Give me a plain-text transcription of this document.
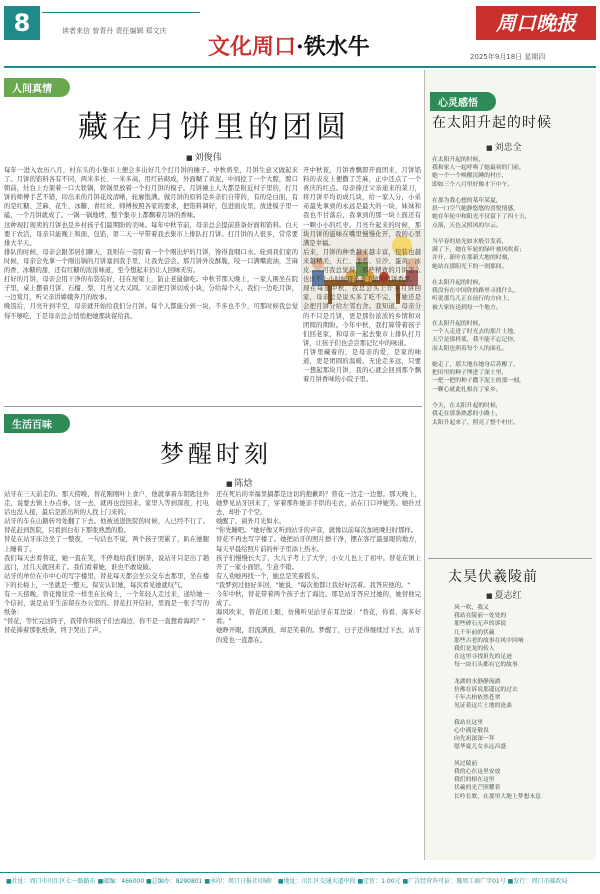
8	读者来信 曾青丹 责任编辑 郑文庆
文化周口·铁水牛
周口晚报
2025年9月18日 星期四
人间真情
藏在月饼里的团圆
■ 刘俊伟
每年一进入农历八月，村东头的小集市上便会多出好几个打月饼的摊子。中秋将至，月饼生意又做起来了。月饼的馅料各有不同，两米多长、一米多高，用红砖砌成，外面糊了黄泥，中间挖了一个大膛，膛口朝前，灶台上方架着一口大铁锅，铁锅里放着一个打月饼的模子。月饼摊主人大都是附近村子里的，打月饼的师傅手艺不错，印出来的月饼花纹清晰，轮廓饱满。做月饼的原料是乡亲们自带的，有的是白面，有的是红糖、芝麻、花生、冰糖、青红丝，师傅按照各家的要求，把馅料调好，包进面皮里，放进模子里一磕，一个月饼就成了。一锅一锅地烤，整个集市上都飘着月饼的香味。
这种现打现卖的月饼也是乡村孩子们最期盼的美味。每年中秋节前，母亲总会提前准备好面和馅料。白天要干农活，母亲只能晚上和面、包馅，第二天一早带着我去集市上排队打月饼。打月饼的人很多，常常要排大半天。
排队的时候，母亲会跟邻居们聊天，我则在一旁盯着一个个刚出炉的月饼，馋得直咽口水。轮到我们家的时候，母亲会先拿一个刚出锅的月饼塞到我手里，让我先尝尝。那月饼外皮酥脆，咬一口满嘴流油，芝麻的香、冰糖的甜，还有红糖的浓浓味道，至今想起来仍让人回味无穷。
打好的月饼，母亲会用干净的布袋装好，挂在屋梁上，防止老鼠偷吃。中秋节那天晚上，一家人围坐在院子里，桌上摆着月饼、石榴、梨，月亮又大又圆。父亲把月饼切成小块，分给每个人，我们一边吃月饼，一边赏月，听父亲讲嫦娥奔月的故事。
晚饭后，月亮升到半空，母亲就开始给我们分月饼。每个人都能分到一块，不多也不少，可那时候我总觉得不够吃，于是母亲总会悄悄把她那块留给我。
开中秋夜，月饼香飘即开面团来，月饼馅料的表皮上便撒了芝麻，正中还点了一个喜庆的红点。母亲捧过父亲递来的菜刀，将月饼平均切成几块，给一家人分，小弟弟最先拿到的永远是最大的一块，妹妹和我也不甘落后，我拿到的那一块上面还有一颗小小的红枣。月亮升起来的时候，那块月饼的滋味在嘴里慢慢化开，我的心里满是幸福。
后来，月饼的种类越来越丰富，包装也越来越精美，五仁、莲蓉、豆沙、蛋黄、冰皮……可我总觉得，那些精致的月饼怎么也比不上小时候母亲亲手做的月饼香甜。
现在每逢中秋，我总会买上许多月饼回家，母亲总是说买多了吃不完，可她还是会把月饼分给左邻右舍。我知道，母亲分的不只是月饼，更是那份浓浓的乡情和对团圆的期盼。今年中秋，我打算带着孩子们回老家，和母亲一起去集市上排队打月饼，让孩子们也尝尝那记忆中的味道。
月饼里藏着的，是母亲的爱，是家的味道，更是团圆的温暖。无论走多远，只要一想起那块月饼，我的心就会回到那个飘着月饼香味的小院子里。
生活百味
梦醒时刻
■ 陈焓
站牙在三天前走的。那天傍晚，替花刚刚叶上食户，他就拿着车钥匙往外走，说要去镇上办点事。这一去，就再也没回来。家里人等到深夜，打电话也没人接，最后是派出所的人找上门来的。
站牙的车在山路转弯处翻了下去。他被送进医院的时候，人已经不行了。替花赶到医院，只看到白布下那张熟悉的脸。
替花在站牙床边坐了一整夜，一句话也不说，两个孩子哭累了，趴在她腿上睡着了。
我们每天去看替花，她一直在笑，不停地给我们倒茶，说站牙只是出了趟远门，过几天就回来了。我们看着她，谁也不敢说破。
站牙的单位在市中心的写字楼里，替花每天都会坐公交车去那里，坐在楼下的长椅上，一坐就是一整天。保安认识她，每次看见她就叹气。
有一天傍晚，替花像往常一样坐在长椅上，一个年轻人走过来，递给她一个信封，说是站牙生前留在办公室的。替花打开信封，里面是一张手写的纸条：
"替花，等忙完这阵子，我带你和孩子们去海边，你不是一直想看海吗？"
替花捧着那张纸条，终于哭出了声。
还在死后的幸福里搞都是这切的抱歉吗？替花一边走一边想。那天晚上，她梦见站牙回来了，穿着那件她亲手织的毛衣，站在门口冲她笑。她扑过去，却扑了个空。
她醒了，窗外月光如水。
"你先睡吧。"她好像又听到站牙的声音，就像以前每次加班晚归时那样。
替花不再去写字楼了。她把站牙的照片擦干净，摆在客厅最显眼的地方，每天早晨给照片前的杯子里添上热水。
孩子们慢慢长大了，大儿子考上了大学，小女儿也上了初中。替花在镇上开了一家小面馆，生意不错。
有人劝她再找一个，她总是笑着摇头。
"我梦到过他好多回，"她说，"每次他都让我好好活着。我答应他的。"
今年中秋，替花带着两个孩子去了海边。那是站牙答应过她的，她替他完成了。
海风吹来，替花闭上眼，仿佛听见站牙在耳边说："替花，你看，海多好看。"
她睁开眼，泪流满面，却是笑着的。梦醒了，日子还得继续过下去，站牙的爱也一直都在。
心灵感悟
在太阳升起的时候
■ 刘忠全
在太阳升起的时候，
我和家人一起呼唤了她最初的门前，
她一个一个唤醒沉睡的村庄，
即如三个八月里好像才下中午。

在那为我心想的某年某夏，
晨一口空气她静悠悠的喜悦情感，
她在年轮中和阳光不仅留下了四十五，
点落，天色又照风的尔云。

当早春的晨光如水般引发着，
满了下，她在年轮的绿叶被风吹着；
并开，新叶在那新大地的时刻，
她站在那阳光下的一刹那间。

在太阳升起的时候，
我没有在中国你的路里寻找什么，
听说那鸟儿正在前行的方向上，
被大家传送到每一个地方。

在太阳升起的时候，
一个人走进了时光去的那片土地，
天空是那样蓝，我不能不忘记你，
而太阳也照着每个人的面孔。

她走了，那大地在她身后苏醒了，
把田里的种子埋进了深土里，
一把一把的种子撒下泥土的那一刻，
一颗心就此扎根在了家乡。

今天，在太阳升起的时候，
我走在那条熟悉的小路上，
太阳升起来了，照亮了整个村庄。
太昊伏羲陵前
■ 夏志红
风一吹，我又
我站在陵前一处处的
那些碑石无声的诉说
几千年前的伏羲
那些古老的故事在风中回响
我们是龙的传人
在这里寻找祖先的足迹
每一块石头都有它的故事

龙湖的水静静流淌
仿佛在诉说那遥远的过去
千年古柏依然苍翠
见证着这片土地的沧桑

我站在这里
心中满是敬畏
向先祖深深一拜
愿华夏儿女永远昌盛

风过陵前
我的心在这里安放
我们的根在这里
伏羲的光芒照耀着
长吟长歌，在那里大地上梦想未息
■社址：周口市川汇区七一路路东 ■邮编：466000 ■总编办：8290801 ■承印：周口日报社印刷厂 ■地址：川汇区交通大道中段 ■定价：1.00元 ■广告经营许可证：豫周工商广字01号 ■发行：周口市邮政局
